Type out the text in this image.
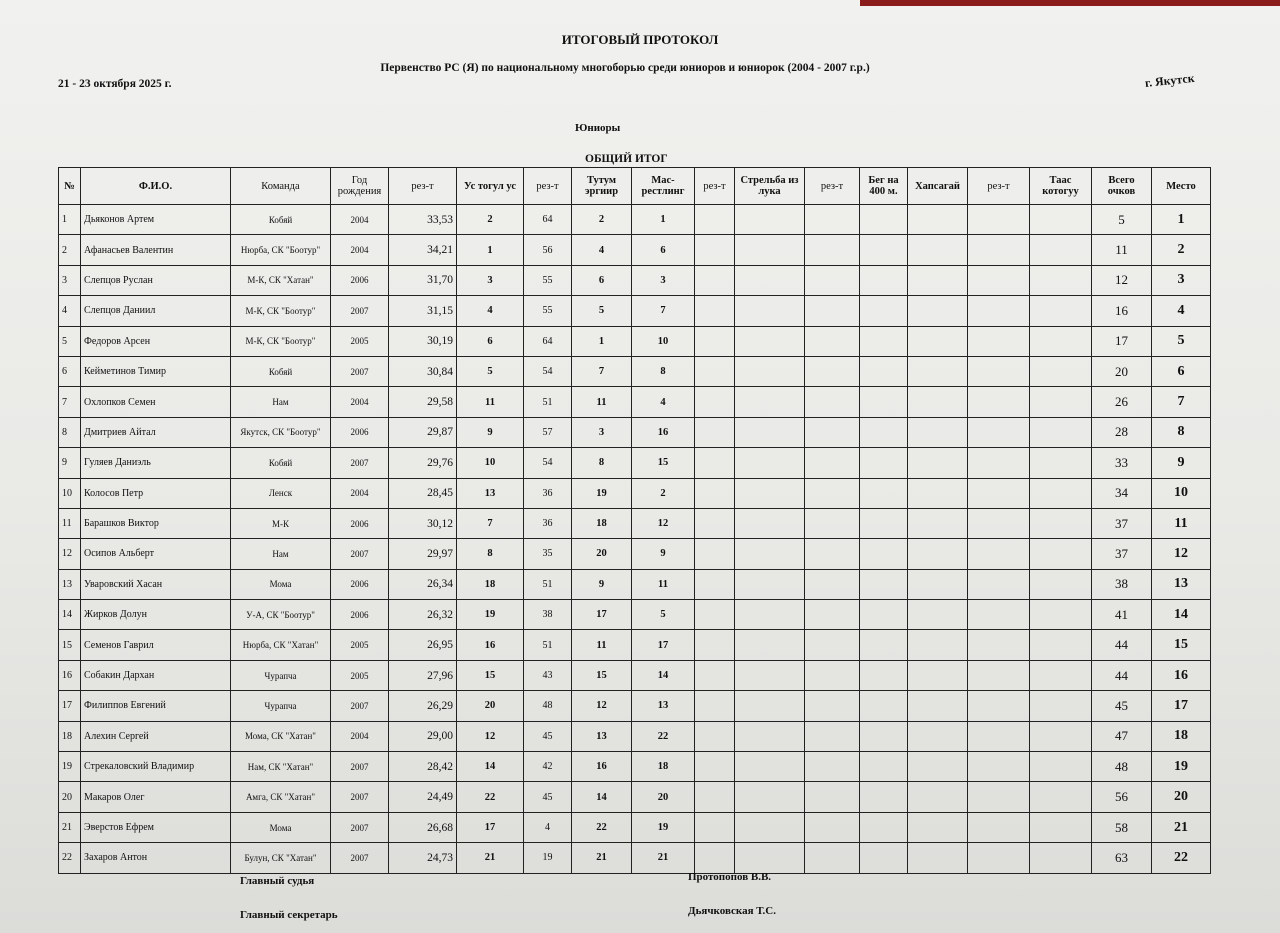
ИТОГОВЫЙ ПРОТОКОЛ
Первенство РС (Я) по национальному многоборью среди юниоров и юниорок (2004 - 2007 г.р.)
21 - 23 октября 2025 г.	г. Якутск
Юниоры
ОБЩИЙ ИТОГ
№	Ф.И.О.	Команда	Год рождения	рез-т	Ус тогул ус	рез-т	Тутум эргиир	Мас-рестлинг	рез-т	Стрельба из лука	рез-т	Бег на 400 м.	Хапсагай	рез-т	Таас котогуу	Всего очков	Место
1	Дьяконов Артем	Кобяй	2004	33,53	2	64	2	1								5	1
2	Афанасьев Валентин	Нюрба, СК "Боотур"	2004	34,21	1	56	4	6								11	2
3	Слепцов Руслан	М-К, СК "Хатан"	2006	31,70	3	55	6	3								12	3
4	Слепцов Даниил	М-К, СК "Боотур"	2007	31,15	4	55	5	7								16	4
5	Федоров Арсен	М-К, СК "Боотур"	2005	30,19	6	64	1	10								17	5
6	Кейметинов Тимир	Кобяй	2007	30,84	5	54	7	8								20	6
7	Охлопков Семен	Нам	2004	29,58	11	51	11	4								26	7
8	Дмитриев Айтал	Якутск, СК "Боотур"	2006	29,87	9	57	3	16								28	8
9	Гуляев Даниэль	Кобяй	2007	29,76	10	54	8	15								33	9
10	Колосов Петр	Ленск	2004	28,45	13	36	19	2								34	10
11	Барашков Виктор	М-К	2006	30,12	7	36	18	12								37	11
12	Осипов Альберт	Нам	2007	29,97	8	35	20	9								37	12
13	Уваровский Хасан	Мома	2006	26,34	18	51	9	11								38	13
14	Жирков Долун	У-А, СК "Боотур"	2006	26,32	19	38	17	5								41	14
15	Семенов Гаврил	Нюрба, СК "Хатан"	2005	26,95	16	51	11	17								44	15
16	Собакин Дархан	Чурапча	2005	27,96	15	43	15	14								44	16
17	Филиппов Евгений	Чурапча	2007	26,29	20	48	12	13								45	17
18	Алехин Сергей	Мома, СК "Хатан"	2004	29,00	12	45	13	22								47	18
19	Стрекаловский Владимир	Нам, СК "Хатан"	2007	28,42	14	42	16	18								48	19
20	Макаров Олег	Амга, СК "Хатан"	2007	24,49	22	45	14	20								56	20
21	Эверстов Ефрем	Мома	2007	26,68	17	4	22	19								58	21
22	Захаров Антон	Булун, СК "Хатан"	2007	24,73	21	19	21	21								63	22
Главный судья	Протопопов В.В.
Главный секретарь	Дьячковская Т.С.
